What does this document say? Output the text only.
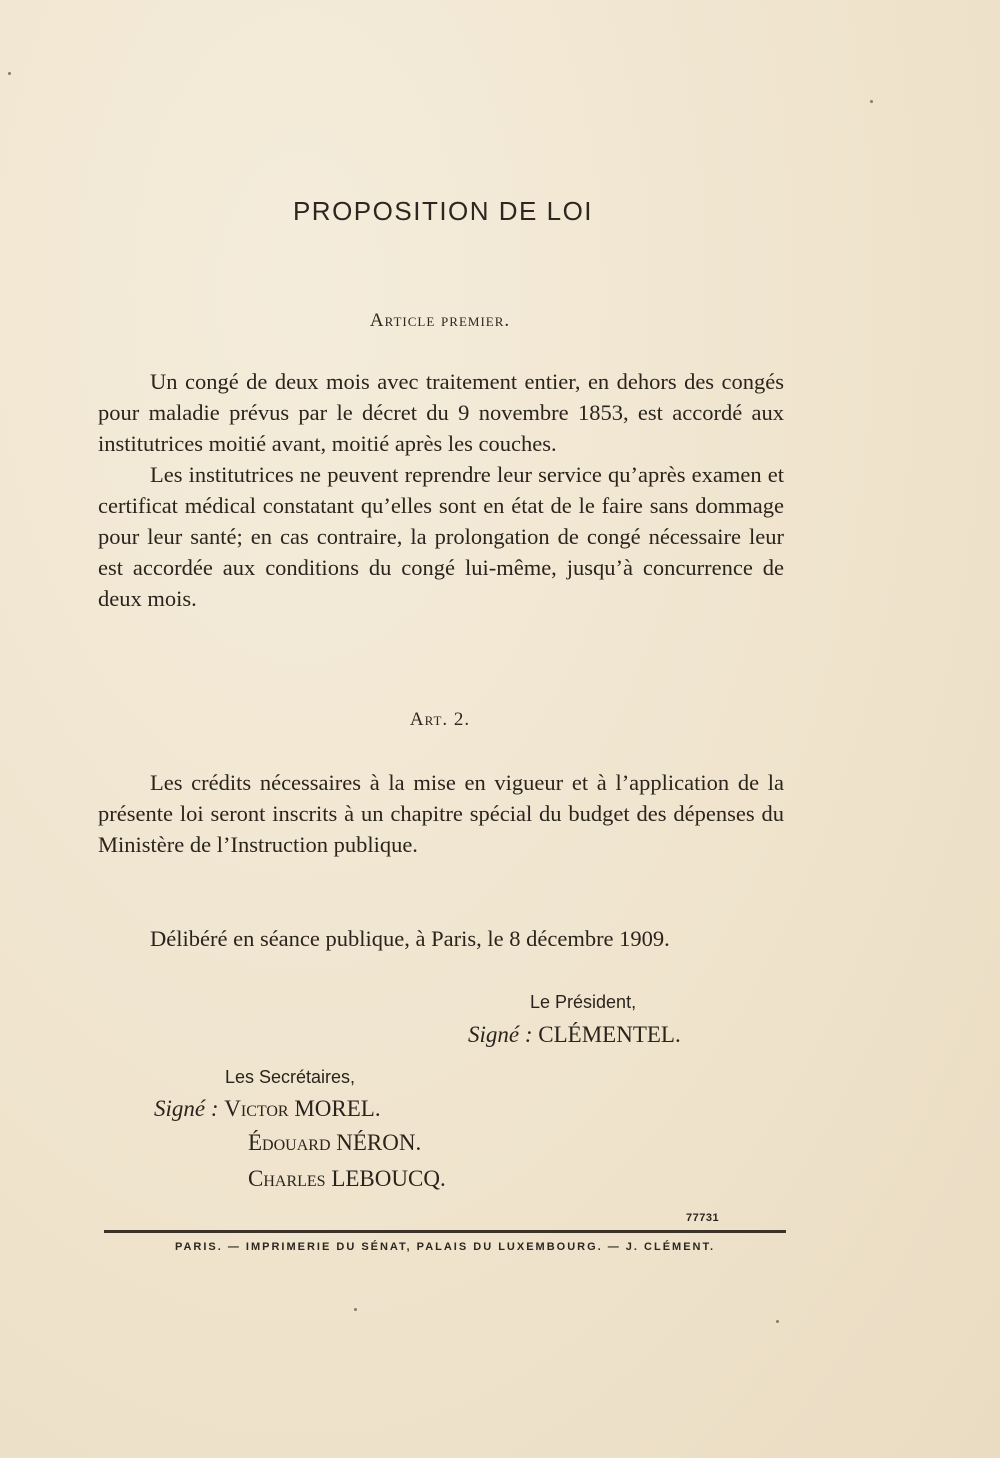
PROPOSITION DE LOI
Article premier.

Un congé de deux mois avec traitement entier, en dehors des congés pour maladie prévus par le décret du 9 novembre 1853, est accordé aux institutrices moitié avant, moitié après les couches.

Les institutrices ne peuvent reprendre leur service qu’après examen et certificat médical constatant qu’elles sont en état de le faire sans dommage pour leur santé; en cas contraire, la prolongation de congé nécessaire leur est accordée aux conditions du congé lui-même, jusqu’à concurrence de deux mois.

Art. 2.

Les crédits nécessaires à la mise en vigueur et à l’application de la présente loi seront inscrits à un chapitre spécial du budget des dépenses du Ministère de l’Instruction publique.

Délibéré en séance publique, à Paris, le 8 décembre 1909.

Le Président,
Signé : CLÉMENTEL.
Les Secrétaires,
Signé : Victor MOREL.
Édouard NÉRON.
Charles LEBOUCQ.
77731
PARIS. — IMPRIMERIE DU SÉNAT, PALAIS DU LUXEMBOURG. — J. CLÉMENT.
